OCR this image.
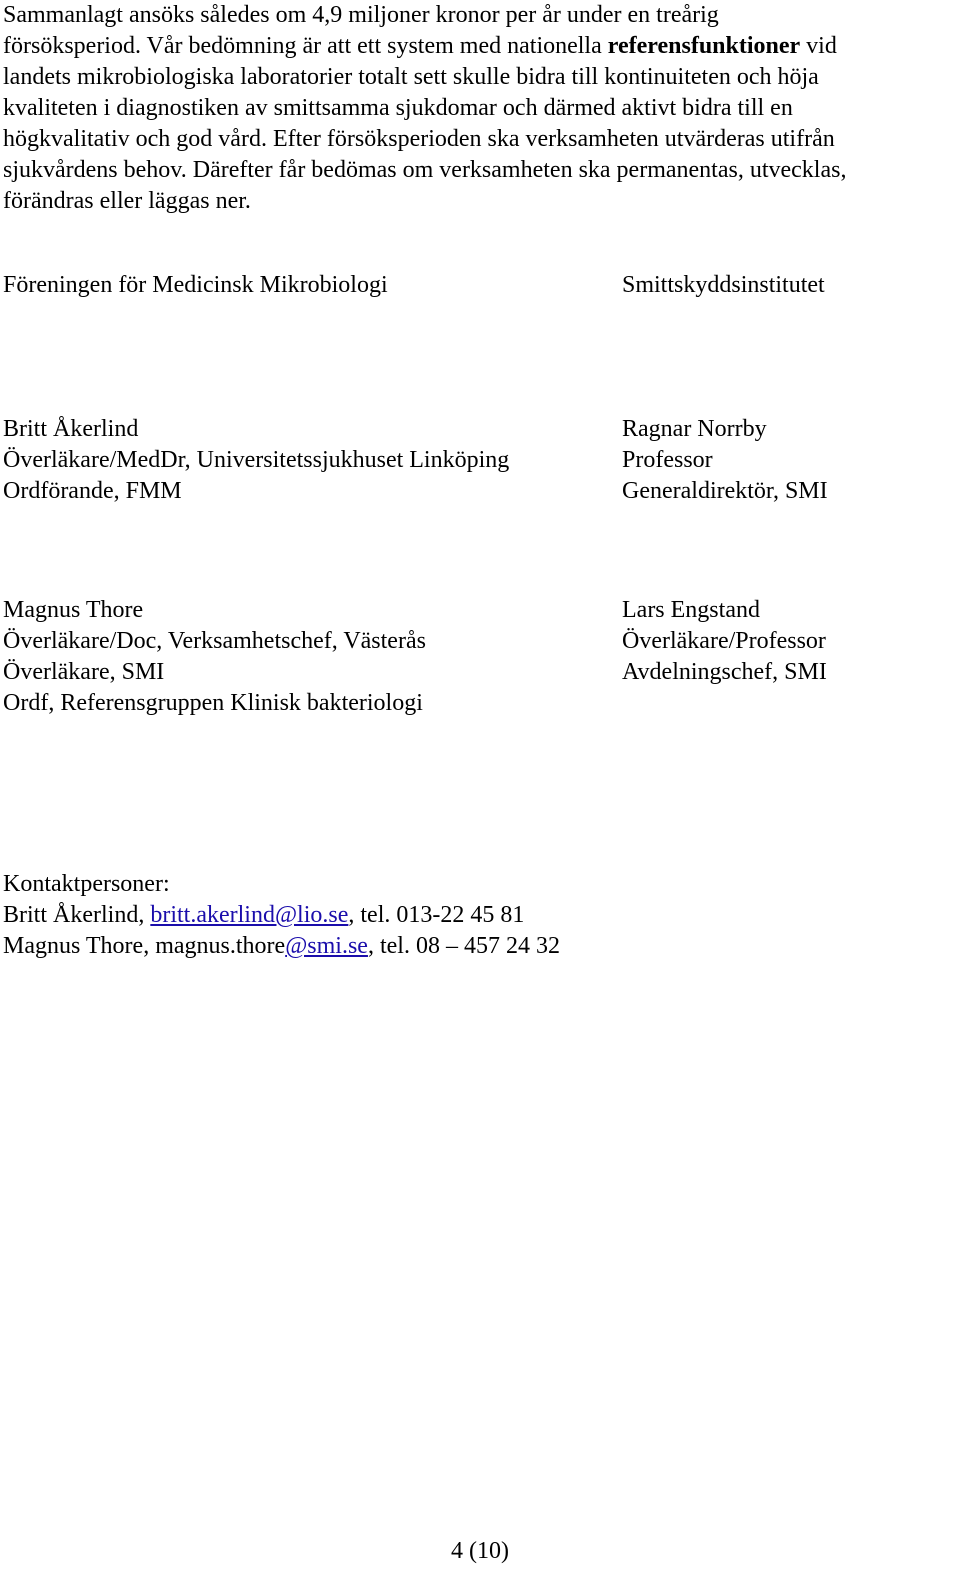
Sammanlagt ansöks således om 4,9 miljoner kronor per år under en treårig
försöksperiod. Vår bedömning är att ett system med nationella referensfunktioner vid
landets mikrobiologiska laboratorier totalt sett skulle bidra till kontinuiteten och höja
kvaliteten i diagnostiken av smittsamma sjukdomar och därmed aktivt bidra till en
högkvalitativ och god vård. Efter försöksperioden ska verksamheten utvärderas utifrån
sjukvårdens behov. Därefter får bedömas om verksamheten ska permanentas, utvecklas,
förändras eller läggas ner.
Föreningen för Medicinsk Mikrobiologi	Smittskyddsinstitutet
Britt Åkerlind
Överläkare/MedDr, Universitetssjukhuset Linköping
Ordförande, FMM
Ragnar Norrby
Professor
Generaldirektör, SMI
Magnus Thore
Överläkare/Doc, Verksamhetschef, Västerås
Överläkare, SMI
Ordf, Referensgruppen Klinisk bakteriologi
Lars Engstand
Överläkare/Professor
Avdelningschef, SMI
Kontaktpersoner:
Britt Åkerlind, britt.akerlind@lio.se, tel. 013-22 45 81
Magnus Thore, magnus.thore@smi.se, tel. 08 – 457 24 32
4 (10)
